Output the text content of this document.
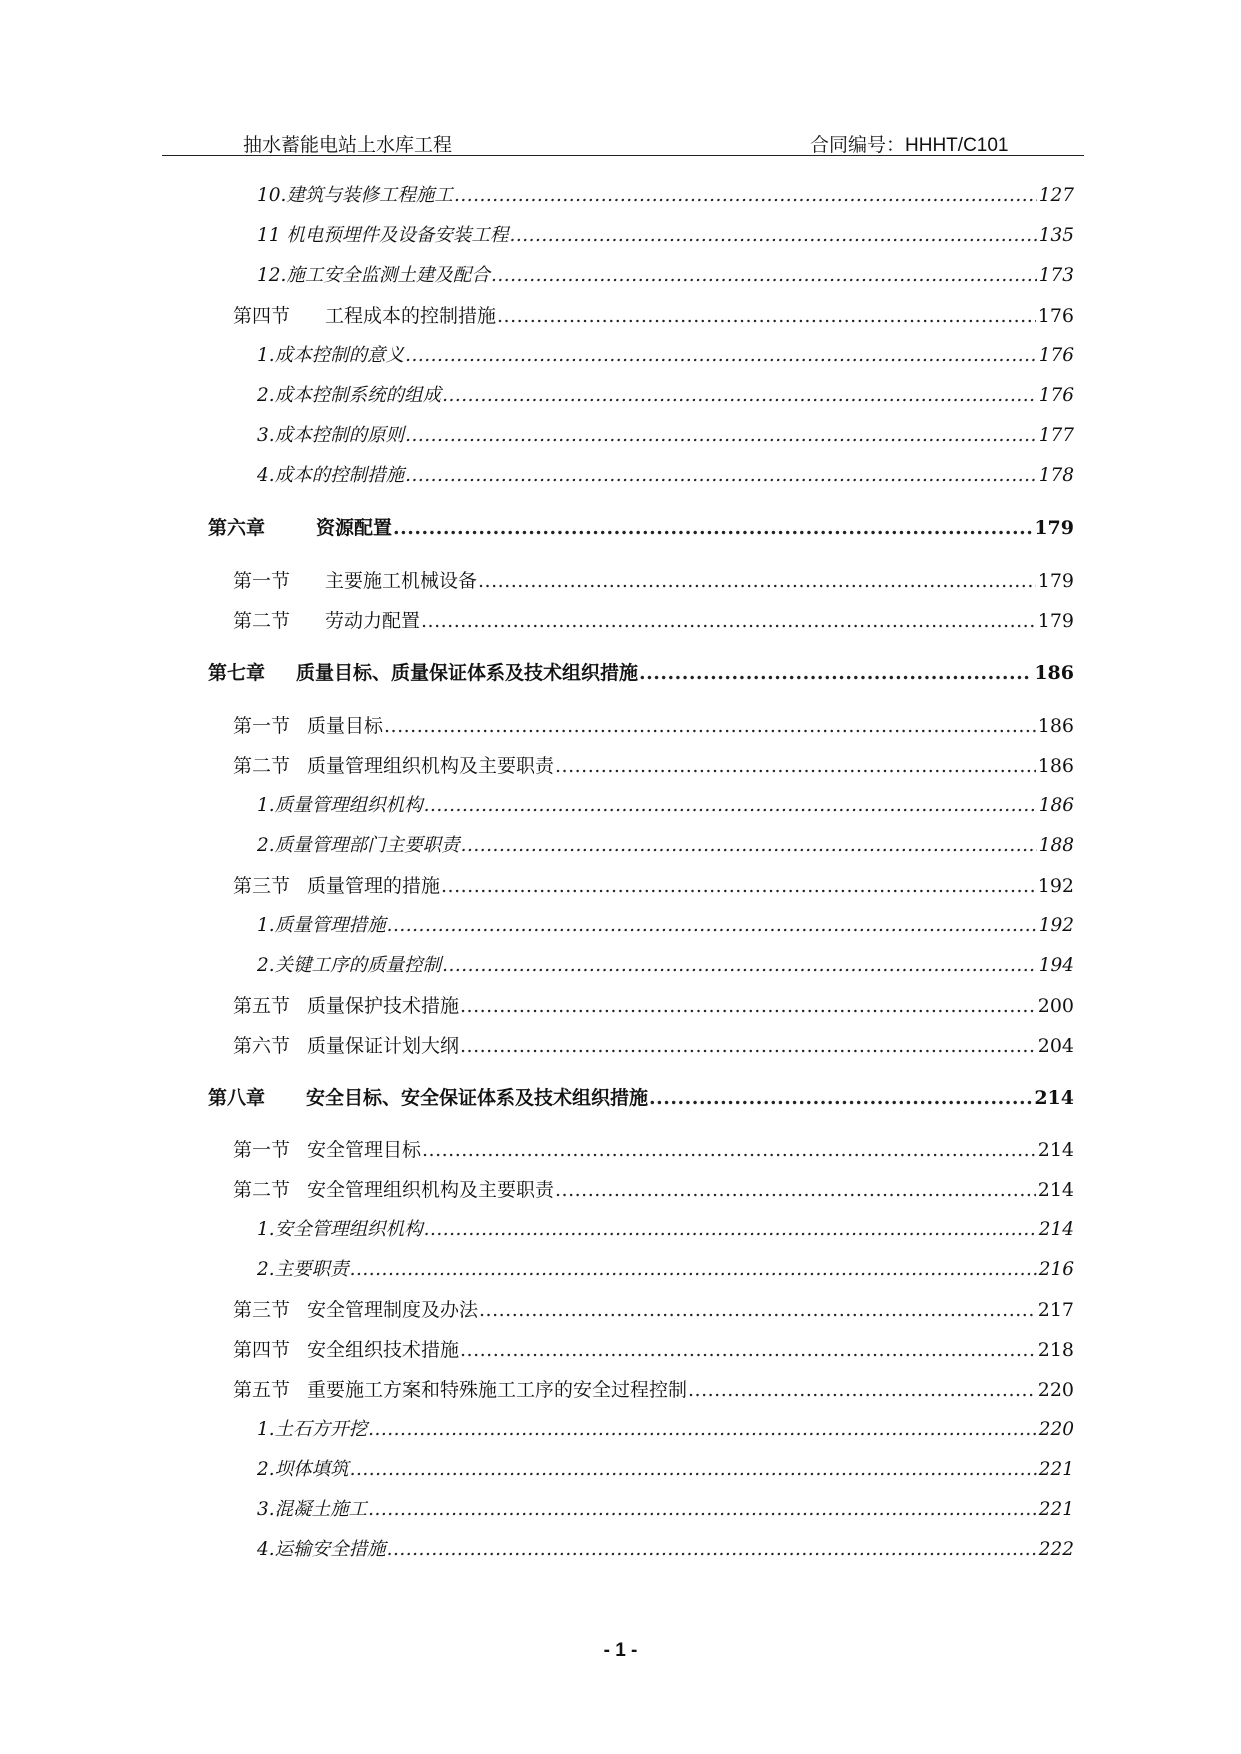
抽水蓄能电站上水库工程	合同编号：HHHT/C101
10.建筑与装修工程施工 .....	127
11 机电预埋件及设备安装工程 .....	135
12.施工安全监测土建及配合 .....	173
第四节	工程成本的控制措施 .....	176
1.成本控制的意义 .....	176
2.成本控制系统的组成 .....	176
3.成本控制的原则 .....	177
4.成本的控制措施 .....	178
第六章	资源配置 .....	179
第一节	主要施工机械设备 .....	179
第二节	劳动力配置 .....	179
第七章	质量目标、质量保证体系及技术组织措施 .....	186
第一节 质量目标 .....	186
第二节 质量管理组织机构及主要职责 .....	186
1.质量管理组织机构 .....	186
2.质量管理部门主要职责 .....	188
第三节 质量管理的措施 .....	192
1.质量管理措施 .....	192
2.关键工序的质量控制 .....	194
第五节 质量保护技术措施 .....	200
第六节 质量保证计划大纲 .....	204
第八章	安全目标、安全保证体系及技术组织措施 .....	214
第一节 安全管理目标 .....	214
第二节 安全管理组织机构及主要职责 .....	214
1.安全管理组织机构 .....	214
2.主要职责 .....	216
第三节 安全管理制度及办法 .....	217
第四节 安全组织技术措施 .....	218
第五节 重要施工方案和特殊施工工序的安全过程控制 .....	220
1.土石方开挖 .....	220
2.坝体填筑 .....	221
3.混凝土施工 .....	221
4.运输安全措施 .....	222
- 1 -
